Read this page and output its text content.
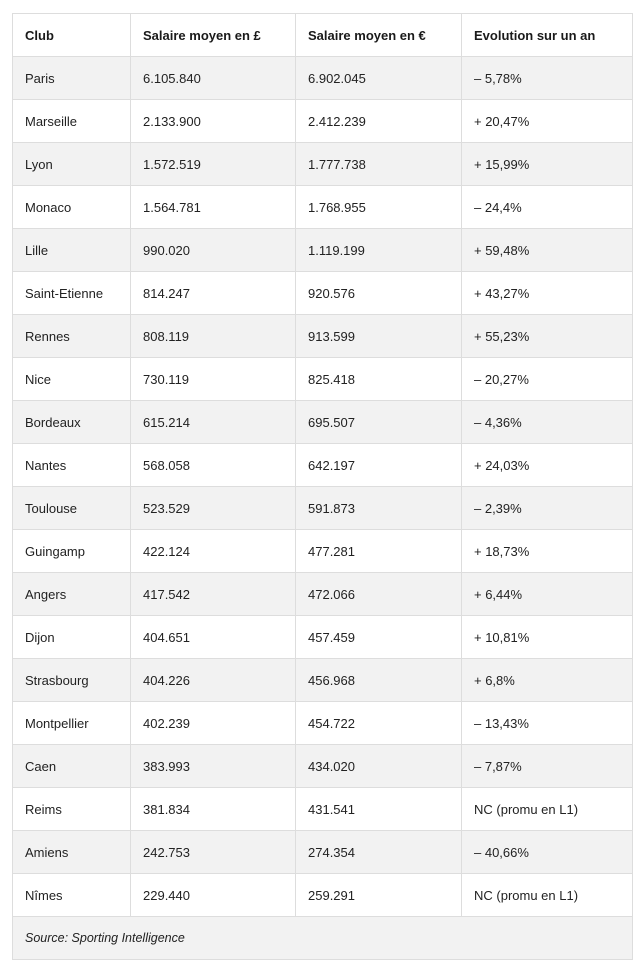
Club	Salaire moyen en £	Salaire moyen en €	Evolution sur un an
Paris	6.105.840	6.902.045	– 5,78%
Marseille	2.133.900	2.412.239	+ 20,47%
Lyon	1.572.519	1.777.738	+ 15,99%
Monaco	1.564.781	1.768.955	– 24,4%
Lille	990.020	1.119.199	+ 59,48%
Saint-Etienne	814.247	920.576	+ 43,27%
Rennes	808.119	913.599	+ 55,23%
Nice	730.119	825.418	– 20,27%
Bordeaux	615.214	695.507	– 4,36%
Nantes	568.058	642.197	+ 24,03%
Toulouse	523.529	591.873	– 2,39%
Guingamp	422.124	477.281	+ 18,73%
Angers	417.542	472.066	+ 6,44%
Dijon	404.651	457.459	+ 10,81%
Strasbourg	404.226	456.968	+ 6,8%
Montpellier	402.239	454.722	– 13,43%
Caen	383.993	434.020	– 7,87%
Reims	381.834	431.541	NC (promu en L1)
Amiens	242.753	274.354	– 40,66%
Nîmes	229.440	259.291	NC (promu en L1)
Source: Sporting Intelligence			
